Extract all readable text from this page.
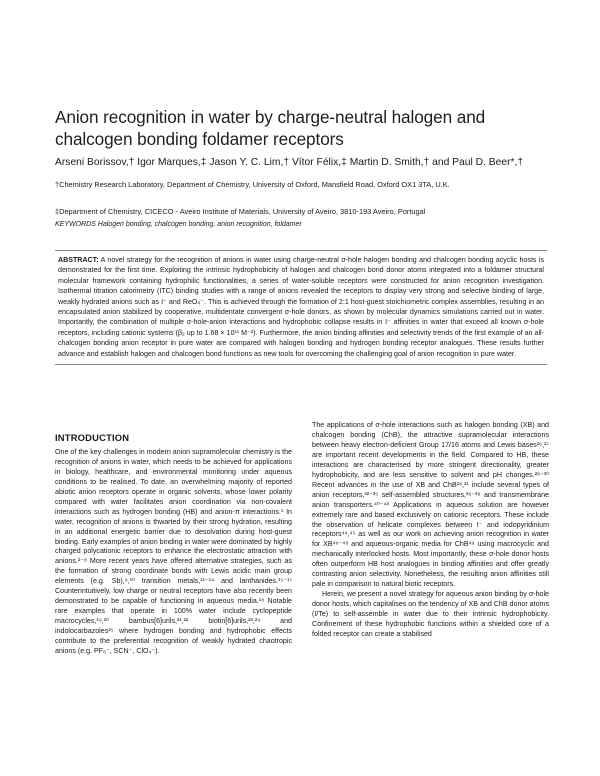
Anion recognition in water by charge-neutral halogen and chalcogen bonding foldamer receptors
Arseni Borissov,† Igor Marques,‡ Jason Y. C. Lim,† Vítor Félix,‡ Martin D. Smith,† and Paul D. Beer*,†
†Chemistry Research Laboratory, Department of Chemistry, University of Oxford, Mansfield Road, Oxford OX1 3TA, U.K.
‡Department of Chemistry, CICECO - Aveiro Institute of Materials, University of Aveiro, 3810-193 Aveiro, Portugal
KEYWORDS Halogen bonding, chalcogen bonding, anion recognition, foldamer
ABSTRACT: A novel strategy for the recognition of anions in water using charge-neutral σ-hole halogen bonding and chalcogen bonding acyclic hosts is demonstrated for the first time. Exploiting the intrinsic hydrophobicity of halogen and chalcogen bond donor atoms integrated into a foldamer structural molecular framework containing hydrophilic functionalities, a series of water-soluble receptors were constructed for anion recognition investigation. Isothermal titration calorimetry (ITC) binding studies with a range of anions revealed the receptors to display very strong and selective binding of large, weakly hydrated anions such as I⁻ and ReO₄⁻. This is achieved through the formation of 2:1 host-guest stoichiometric complex assemblies, resulting in an encapsulated anion stabilized by cooperative, multidentate convergent σ-hole donors, as shown by molecular dynamics simulations carried out in water. Importantly, the combination of multiple σ-hole-anion interactions and hydrophobic collapse results in I⁻ affinities in water that exceed all known σ-hole receptors, including cationic systems (β₂ up to 1.68 × 10¹¹ M⁻²). Furthermore, the anion binding affinities and selectivity trends of the first example of an all-chalcogen bonding anion receptor in pure water are compared with halogen bonding and hydrogen bonding receptor analogues. These results further advance and establish halogen and chalcogen bond functions as new tools for overcoming the challenging goal of anion recognition in pure water.
INTRODUCTION

One of the key challenges in modern anion supramolecular chemistry is the recognition of anions in water, which needs to be achieved for applications in biology, healthcare, and environmental monitoring under aqueous conditions to be realised. To date, an overwhelming majority of reported abiotic anion receptors operate in organic solvents, whose lower polarity compared with water facilitates anion coordination via non-covalent interactions such as hydrogen bonding (HB) and anion-π interactions.¹ In water, recognition of anions is thwarted by their strong hydration, resulting in an additional energetic barrier due to desolvation during host-guest binding. Early examples of anion binding in water were dominated by highly charged polycationic receptors to enhance the electrostatic attraction with anions.²⁻⁸ More recent years have offered alternative strategies, such as the formation of strong coordinate bonds with Lewis acidic main group elements (e.g. Sb),⁹,¹⁰ transition metals,¹¹⁻¹⁴ and lanthanides.¹⁵⁻¹⁷ Counterintuitively, low charge or neutral receptors have also recently been demonstrated to be capable of functioning in aqueous media.¹⁸ Notable rare examples that operate in 100% water include cyclopeptide macrocycles,¹⁹,²⁰ bambus[6]urils,²¹,²² biotin[6]urils,²³,²⁴ and indolocarbazoles²⁵ where hydrogen bonding and hydrophobic effects contribute to the preferential recognition of weakly hydrated chaotropic anions (e.g. PF₆⁻, SCN⁻, ClO₄⁻).

The applications of σ-hole interactions such as halogen bonding (XB) and chalcogen bonding (ChB), the attractive supramolecular interactions between heavy electron-deficient Group 17/16 atoms and Lewis bases²⁶,²⁷ are important recent developments in the field. Compared to HB, these interactions are characterised by more stringent directionality, greater hydrophobicity, and are less sensitive to solvent and pH changes.²⁸⁻³⁰ Recent advances in the use of XB and ChB²⁸,³¹ include several types of anion receptors,³²⁻³⁵ self-assembled structures,³⁶⁻³⁹ and transmembrane anion transporters.⁴⁰⁻⁴³ Applications in aqueous solution are however extremely rare and based exclusively on cationic receptors. These include the observation of helicate complexes between I⁻ and iodopyridinium receptors⁴⁴,⁴⁵ as well as our work on achieving anion recognition in water for XB⁴⁶⁻⁴⁸ and aqueous-organic media for ChB⁴⁹ using macrocyclic and mechanically interlocked hosts. Most importantly, these σ-hole donor hosts often outperform HB host analogues in binding affinities and offer greatly contrasting anion selectivity. Nonetheless, the resulting anion affinities still pale in comparison to natural biotic receptors.

Herein, we present a novel strategy for aqueous anion binding by σ-hole donor hosts, which capitalises on the tendency of XB and ChB donor atoms (I/Te) to self-assemble in water due to their intrinsic hydrophobicity. Confinement of these hydrophobic functions within a shielded core of a folded receptor can create a stabilised
